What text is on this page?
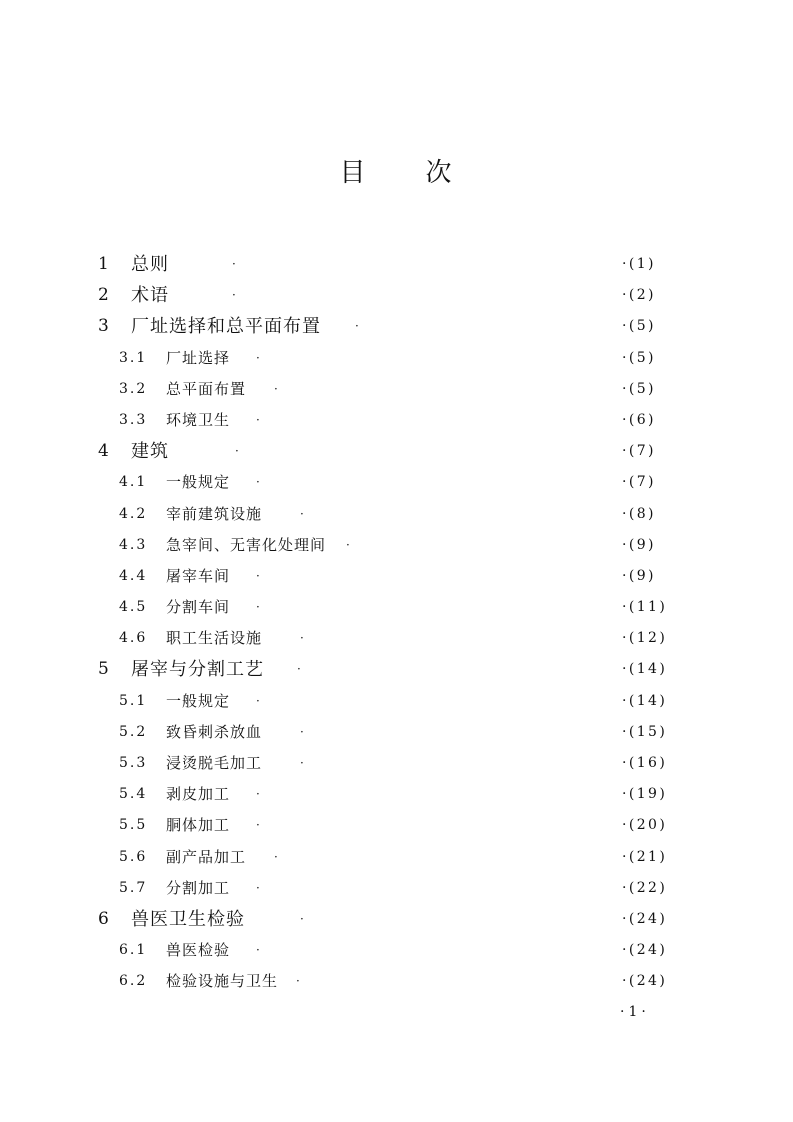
目 次
1 总则	·	·(1)
2 术语	·	·(2)
3 厂址选择和总平面布置	·	·(5)
3.1 厂址选择 ·	·(5)
3.2 总平面布置 ·	·(5)
3.3 环境卫生 ·	·(6)
4 建筑	·	·(7)
4.1 一般规定 ·	·(7)
4.2 宰前建筑设施	·	·(8)
4.3 急宰间、无害化处理间 ·	·(9)
4.4 屠宰车间 ·	·(9)
4.5 分割车间 ·	·(11)
4.6 职工生活设施	·	·(12)
5 屠宰与分割工艺	·	·(14)
5.1 一般规定 ·	·(14)
5.2 致昏刺杀放血	·	·(15)
5.3 浸烫脱毛加工	·	·(16)
5.4 剥皮加工 ·	·(19)
5.5 胴体加工 ·	·(20)
5.6 副产品加工 ·	·(21)
5.7 分割加工 ·	·(22)
6 兽医卫生检验	·	·(24)
6.1 兽医检验 ·	·(24)
6.2 检验设施与卫生 ·	·(24)
·1·
